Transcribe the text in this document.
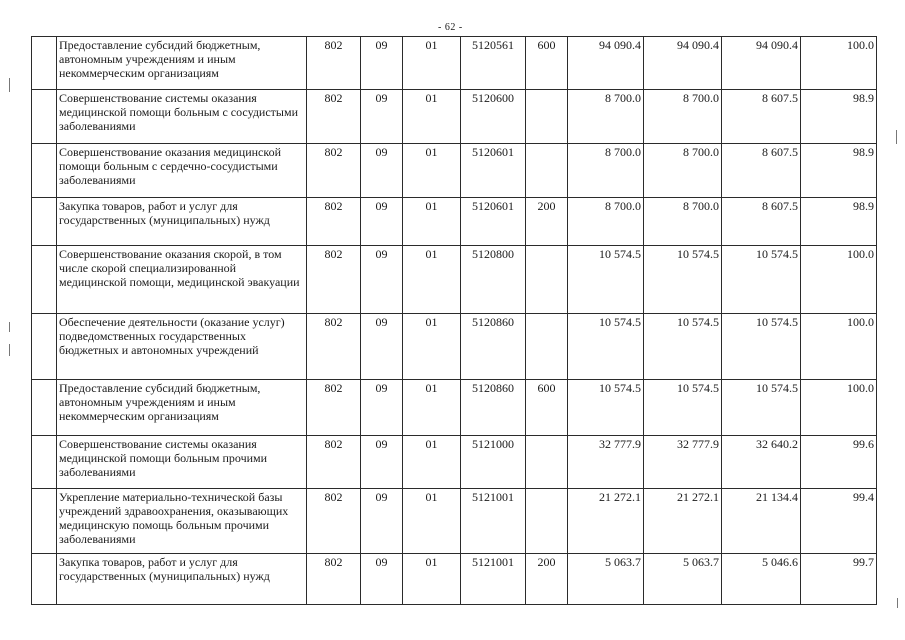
- 62 -
	Предоставление субсидий бюджетным, автономным учреждениям и иным некоммерческим организациям	802	09	01	5120561	600	94 090.4	94 090.4	94 090.4	100.0
	Совершенствование системы оказания медицинской помощи больным с сосудистыми заболеваниями	802	09	01	5120600		8 700.0	8 700.0	8 607.5	98.9
	Совершенствование оказания медицинской помощи больным с сердечно-сосудистыми заболеваниями	802	09	01	5120601		8 700.0	8 700.0	8 607.5	98.9
	Закупка товаров, работ и услуг для государственных (муниципальных) нужд	802	09	01	5120601	200	8 700.0	8 700.0	8 607.5	98.9
	Совершенствование оказания скорой, в том числе скорой специализированной медицинской помощи, медицинской эвакуации	802	09	01	5120800		10 574.5	10 574.5	10 574.5	100.0
	Обеспечение деятельности (оказание услуг) подведомственных государственных бюджетных и автономных учреждений	802	09	01	5120860		10 574.5	10 574.5	10 574.5	100.0
	Предоставление субсидий бюджетным, автономным учреждениям и иным некоммерческим организациям	802	09	01	5120860	600	10 574.5	10 574.5	10 574.5	100.0
	Совершенствование системы оказания медицинской помощи больным прочими заболеваниями	802	09	01	5121000		32 777.9	32 777.9	32 640.2	99.6
	Укрепление материально-технической базы учреждений здравоохранения, оказывающих медицинскую помощь больным прочими заболеваниями	802	09	01	5121001		21 272.1	21 272.1	21 134.4	99.4
	Закупка товаров, работ и услуг для государственных (муниципальных) нужд	802	09	01	5121001	200	5 063.7	5 063.7	5 046.6	99.7
